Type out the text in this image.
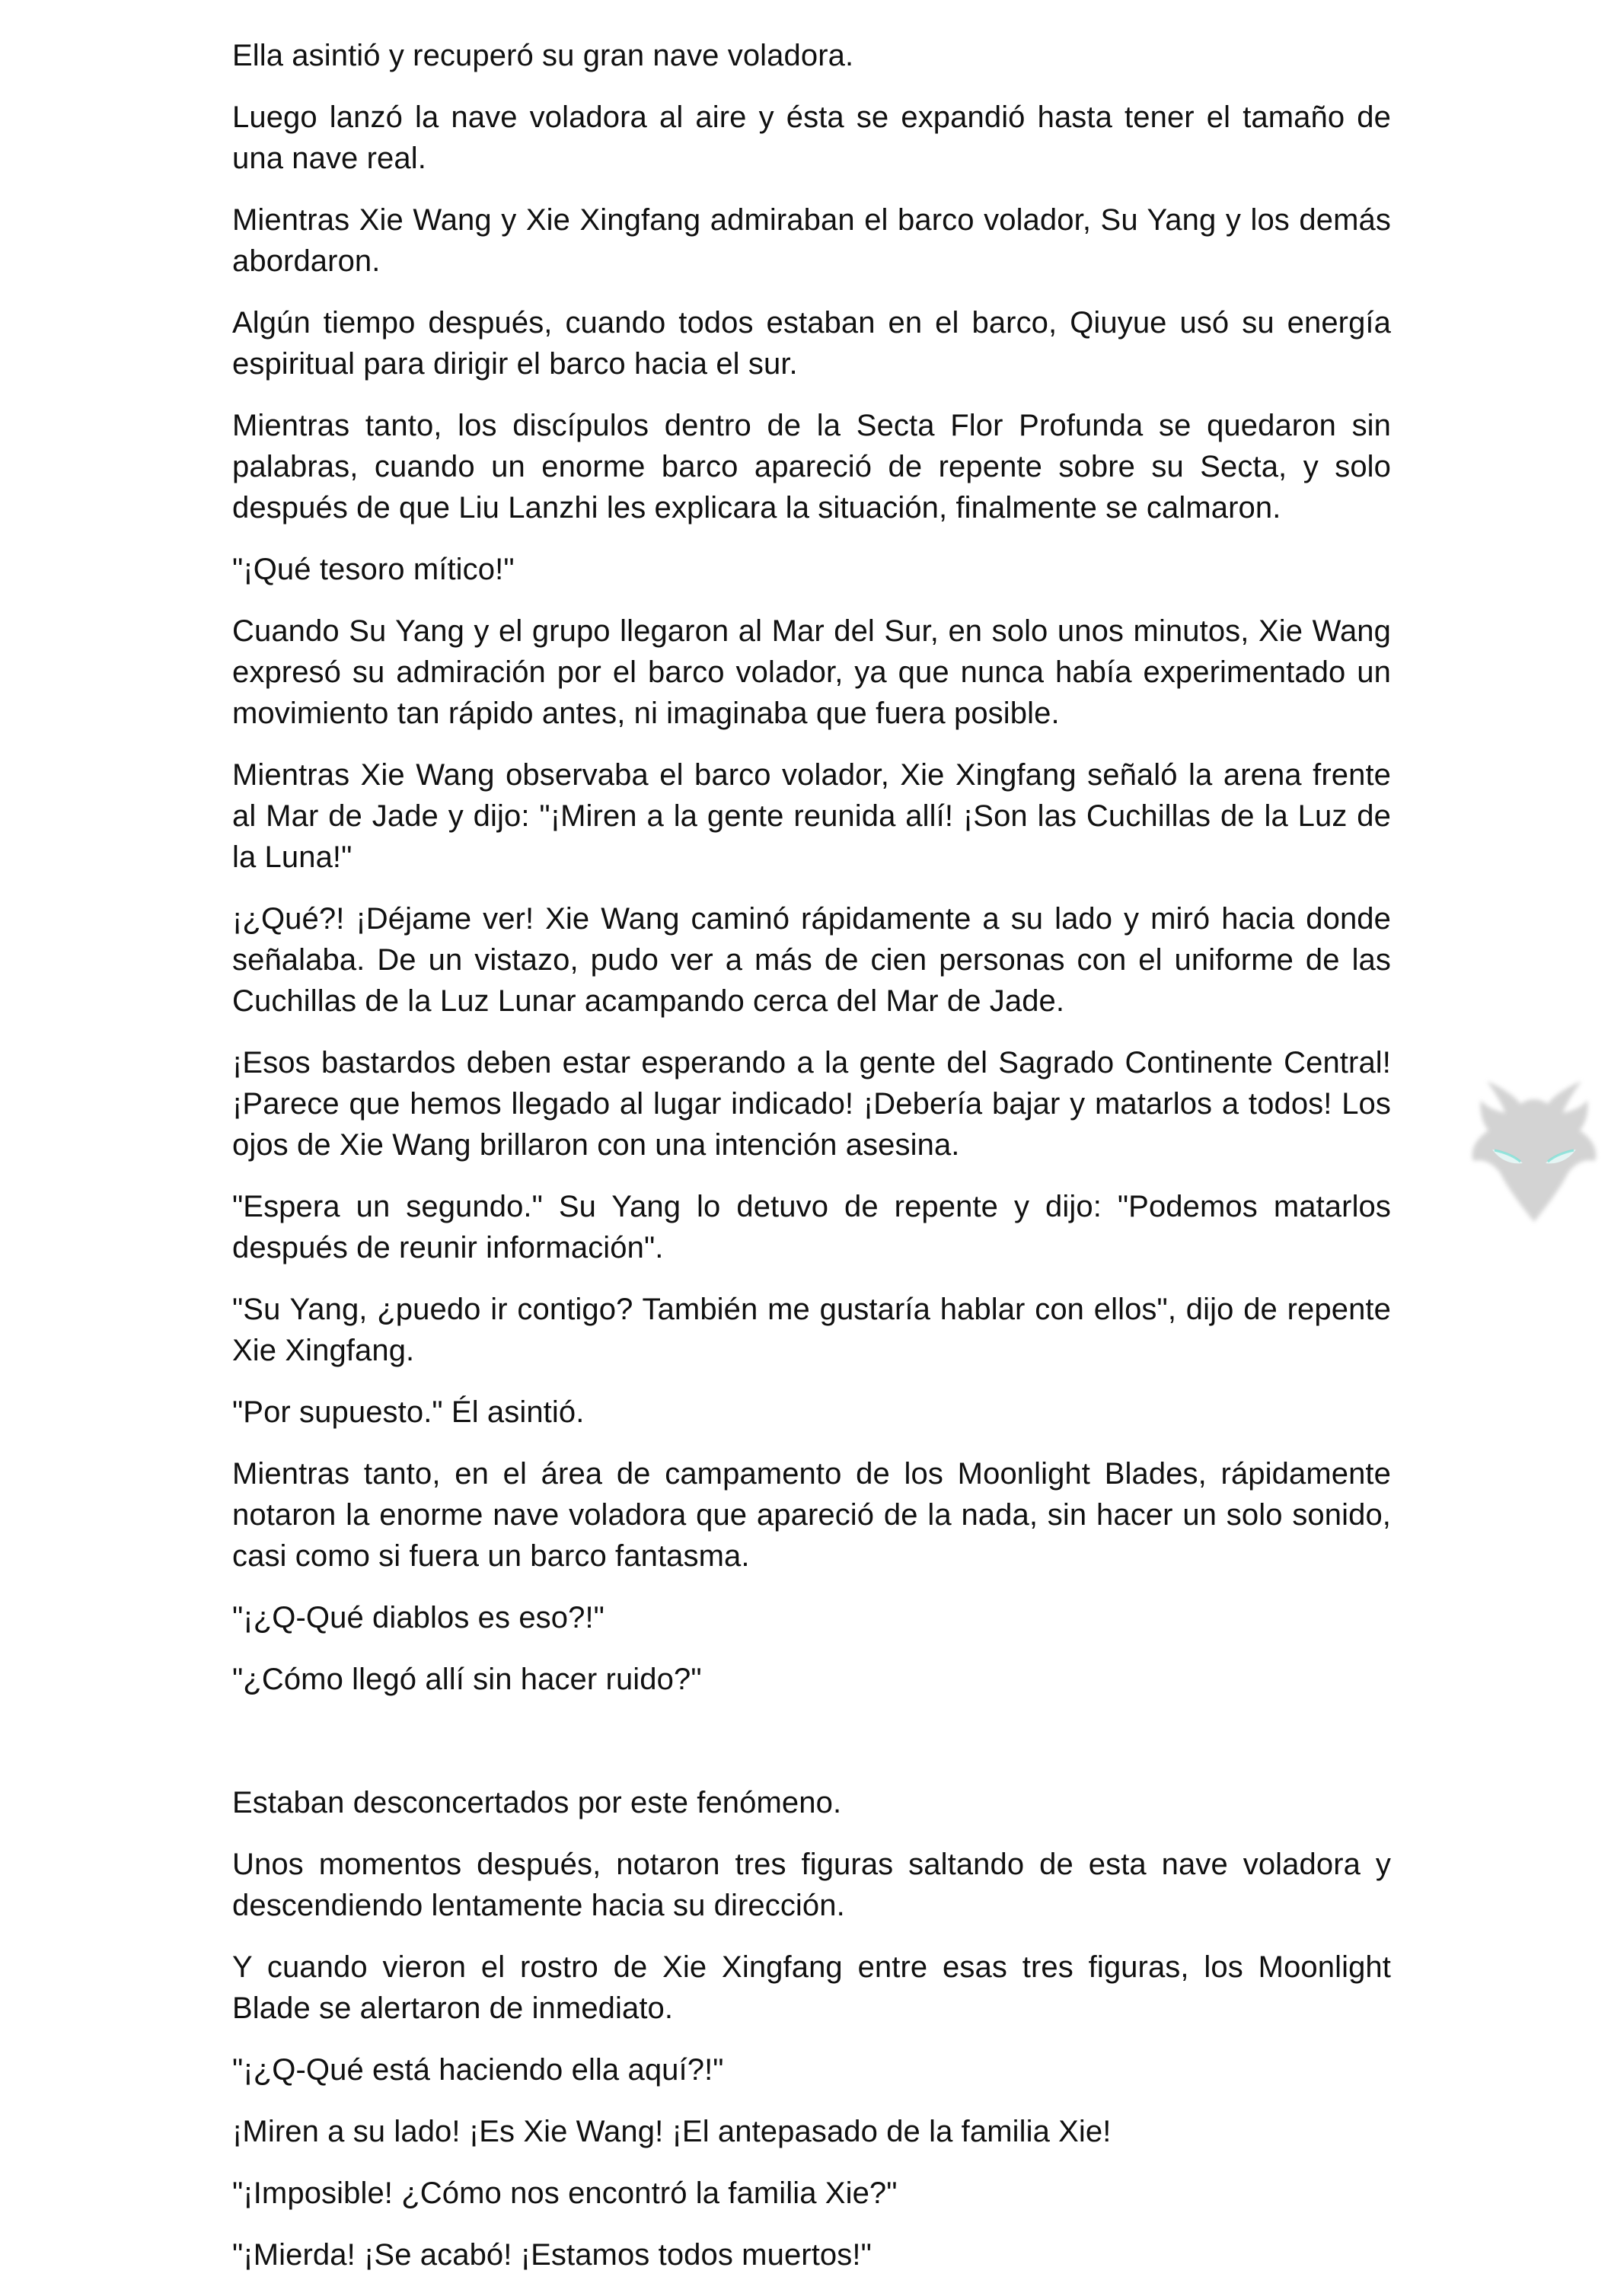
Ella asintió y recuperó su gran nave voladora.

Luego lanzó la nave voladora al aire y ésta se expandió hasta tener el tamaño de una nave real.

Mientras Xie Wang y Xie Xingfang admiraban el barco volador, Su Yang y los demás abordaron.

Algún tiempo después, cuando todos estaban en el barco, Qiuyue usó su energía espiritual para dirigir el barco hacia el sur.

Mientras tanto, los discípulos dentro de la Secta Flor Profunda se quedaron sin palabras, cuando un enorme barco apareció de repente sobre su Secta, y solo después de que Liu Lanzhi les explicara la situación, finalmente se calmaron.

"¡Qué tesoro mítico!"

Cuando Su Yang y el grupo llegaron al Mar del Sur, en solo unos minutos, Xie Wang expresó su admiración por el barco volador, ya que nunca había experimentado un movimiento tan rápido antes, ni imaginaba que fuera posible.

Mientras Xie Wang observaba el barco volador, Xie Xingfang señaló la arena frente al Mar de Jade y dijo: "¡Miren a la gente reunida allí! ¡Son las Cuchillas de la Luz de la Luna!"

¡¿Qué?! ¡Déjame ver! Xie Wang caminó rápidamente a su lado y miró hacia donde señalaba. De un vistazo, pudo ver a más de cien personas con el uniforme de las Cuchillas de la Luz Lunar acampando cerca del Mar de Jade.

¡Esos bastardos deben estar esperando a la gente del Sagrado Continente Central! ¡Parece que hemos llegado al lugar indicado! ¡Debería bajar y matarlos a todos! Los ojos de Xie Wang brillaron con una intención asesina.

"Espera un segundo." Su Yang lo detuvo de repente y dijo: "Podemos matarlos después de reunir información".

"Su Yang, ¿puedo ir contigo? También me gustaría hablar con ellos", dijo de repente Xie Xingfang.

"Por supuesto." Él asintió.

Mientras tanto, en el área de campamento de los Moonlight Blades, rápidamente notaron la enorme nave voladora que apareció de la nada, sin hacer un solo sonido, casi como si fuera un barco fantasma.

"¡¿Q-Qué diablos es eso?!"

"¿Cómo llegó allí sin hacer ruido?"

Estaban desconcertados por este fenómeno.

Unos momentos después, notaron tres figuras saltando de esta nave voladora y descendiendo lentamente hacia su dirección.

Y cuando vieron el rostro de Xie Xingfang entre esas tres figuras, los Moonlight Blade se alertaron de inmediato.

"¡¿Q-Qué está haciendo ella aquí?!"

¡Miren a su lado! ¡Es Xie Wang! ¡El antepasado de la familia Xie!

"¡Imposible! ¿Cómo nos encontró la familia Xie?"

"¡Mierda! ¡Se acabó! ¡Estamos todos muertos!"
